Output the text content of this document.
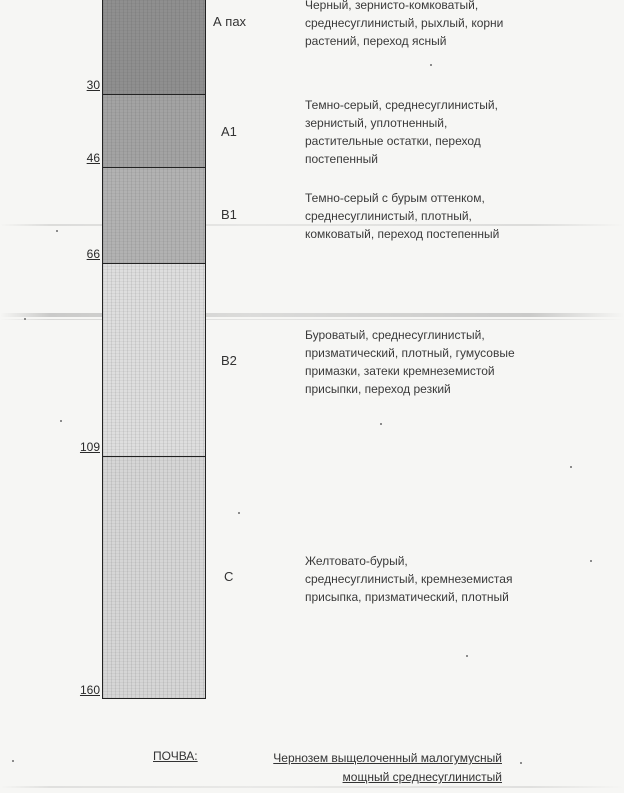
30
46
66
109
160
А пах
А1
В1
В2
С
Черный, зернисто-комковатый,
среднесуглинистый, рыхлый, корни
растений, переход ясный
Темно-серый, среднесуглинистый,
зернистый, уплотненный,
растительные остатки, переход
постепенный
Темно-серый с бурым оттенком,
среднесуглинистый, плотный,
комковатый, переход постепенный
Буроватый, среднесуглинистый,
призматический, плотный, гумусовые
примазки, затеки кремнеземистой
присыпки, переход резкий
Желтовато-бурый,
среднесуглинистый, кремнеземистая
присыпка, призматический, плотный
ПОЧВА:	Чернозем выщелоченный малогумусный
мощный среднесуглинистый
